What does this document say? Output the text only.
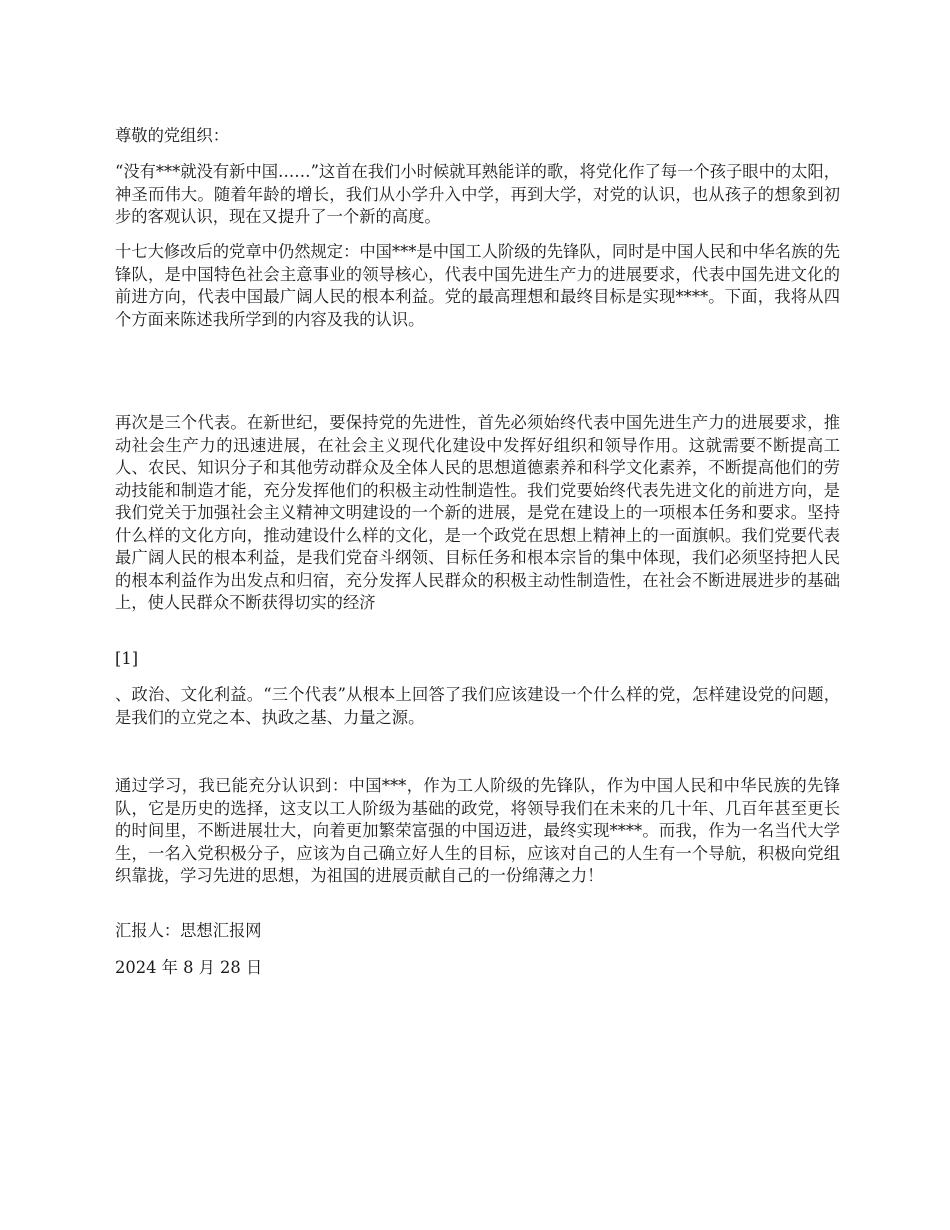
尊敬的党组织：

“没有***就没有新中国……”这首在我们小时候就耳熟能详的歌，将党化作了每一个孩子眼中的太阳，神圣而伟大。随着年龄的增长，我们从小学升入中学，再到大学，对党的认识，也从孩子的想象到初步的客观认识，现在又提升了一个新的高度。

十七大修改后的党章中仍然规定：中国***是中国工人阶级的先锋队，同时是中国人民和中华名族的先锋队，是中国特色社会主意事业的领导核心，代表中国先进生产力的进展要求，代表中国先进文化的前进方向，代表中国最广阔人民的根本利益。党的最高理想和最终目标是实现****。下面，我将从四个方面来陈述我所学到的内容及我的认识。

再次是三个代表。在新世纪，要保持党的先进性，首先必须始终代表中国先进生产力的进展要求，推动社会生产力的迅速进展，在社会主义现代化建设中发挥好组织和领导作用。这就需要不断提高工人、农民、知识分子和其他劳动群众及全体人民的思想道德素养和科学文化素养，不断提高他们的劳动技能和制造才能，充分发挥他们的积极主动性制造性。我们党要始终代表先进文化的前进方向，是我们党关于加强社会主义精神文明建设的一个新的进展，是党在建设上的一项根本任务和要求。坚持什么样的文化方向，推动建设什么样的文化，是一个政党在思想上精神上的一面旗帜。我们党要代表最广阔人民的根本利益，是我们党奋斗纲领、目标任务和根本宗旨的集中体现，我们必须坚持把人民的根本利益作为出发点和归宿，充分发挥人民群众的积极主动性制造性，在社会不断进展进步的基础上，使人民群众不断获得切实的经济

[1]

、政治、文化利益。“三个代表”从根本上回答了我们应该建设一个什么样的党，怎样建设党的问题，是我们的立党之本、执政之基、力量之源。

通过学习，我已能充分认识到：中国***，作为工人阶级的先锋队，作为中国人民和中华民族的先锋队，它是历史的选择，这支以工人阶级为基础的政党，将领导我们在未来的几十年、几百年甚至更长的时间里，不断进展壮大，向着更加繁荣富强的中国迈进，最终实现****。而我，作为一名当代大学生，一名入党积极分子，应该为自己确立好人生的目标，应该对自己的人生有一个导航，积极向党组织靠拢，学习先进的思想，为祖国的进展贡献自己的一份绵薄之力！

汇报人：思想汇报网

2024 年 8 月 28 日
